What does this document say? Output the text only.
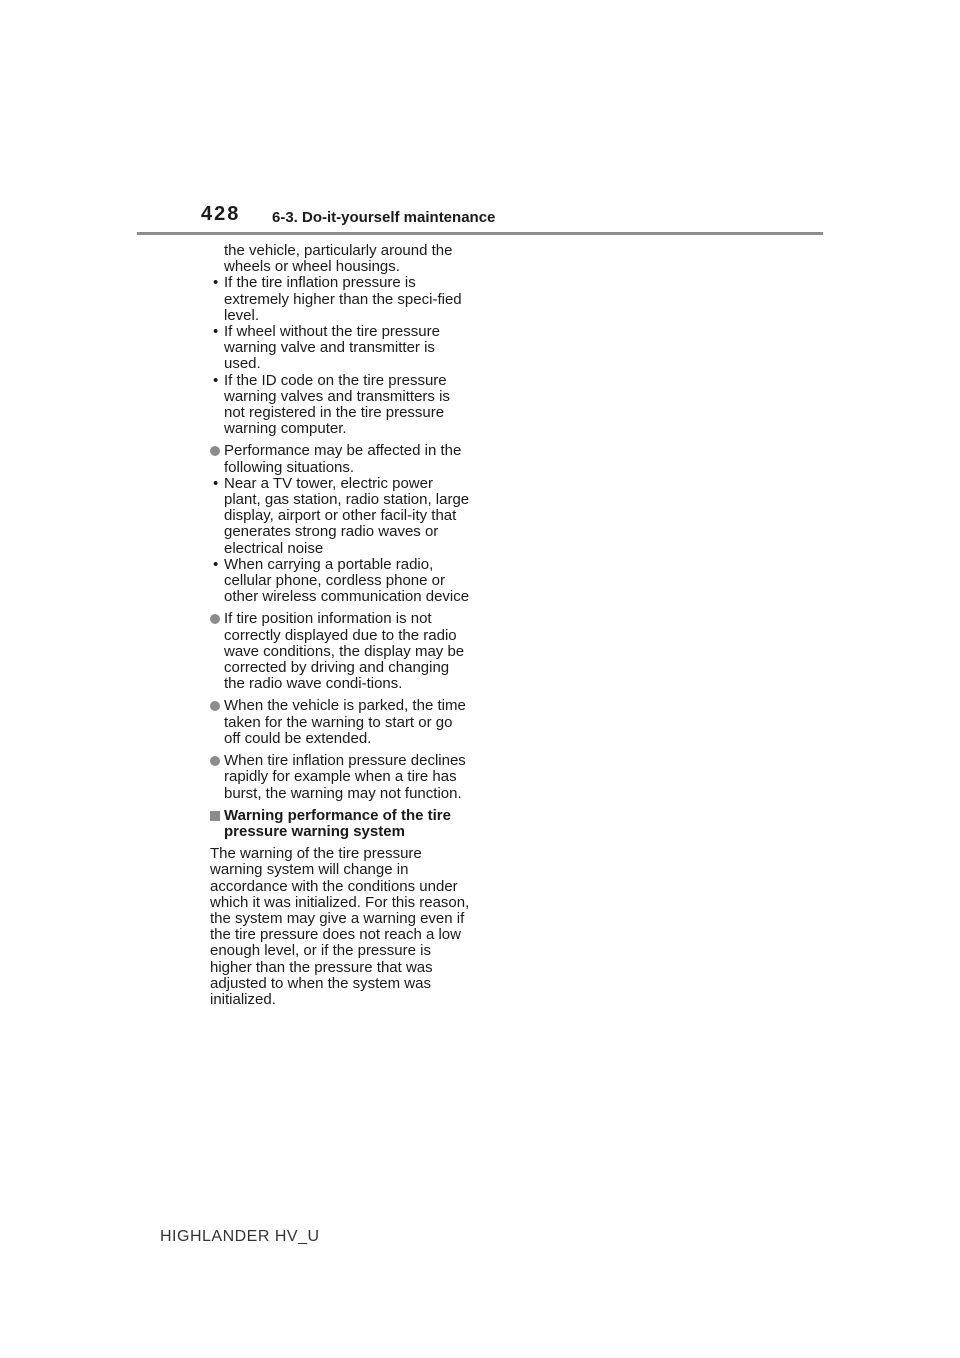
428 6-3. Do-it-yourself maintenance
the vehicle, particularly around the wheels or wheel housings.
• If the tire inflation pressure is extremely higher than the speci-fied level.
• If wheel without the tire pressure warning valve and transmitter is used.
• If the ID code on the tire pressure warning valves and transmitters is not registered in the tire pressure warning computer.
Performance may be affected in the following situations.
• Near a TV tower, electric power plant, gas station, radio station, large display, airport or other facil-ity that generates strong radio waves or electrical noise
• When carrying a portable radio, cellular phone, cordless phone or other wireless communication device
If tire position information is not correctly displayed due to the radio wave conditions, the display may be corrected by driving and changing the radio wave condi-tions.
When the vehicle is parked, the time taken for the warning to start or go off could be extended.
When tire inflation pressure declines rapidly for example when a tire has burst, the warning may not function.
Warning performance of the tire pressure warning system
The warning of the tire pressure warning system will change in accordance with the conditions under which it was initialized. For this reason, the system may give a warning even if the tire pressure does not reach a low enough level, or if the pressure is higher than the pressure that was adjusted to when the system was initialized.
HIGHLANDER HV_U
